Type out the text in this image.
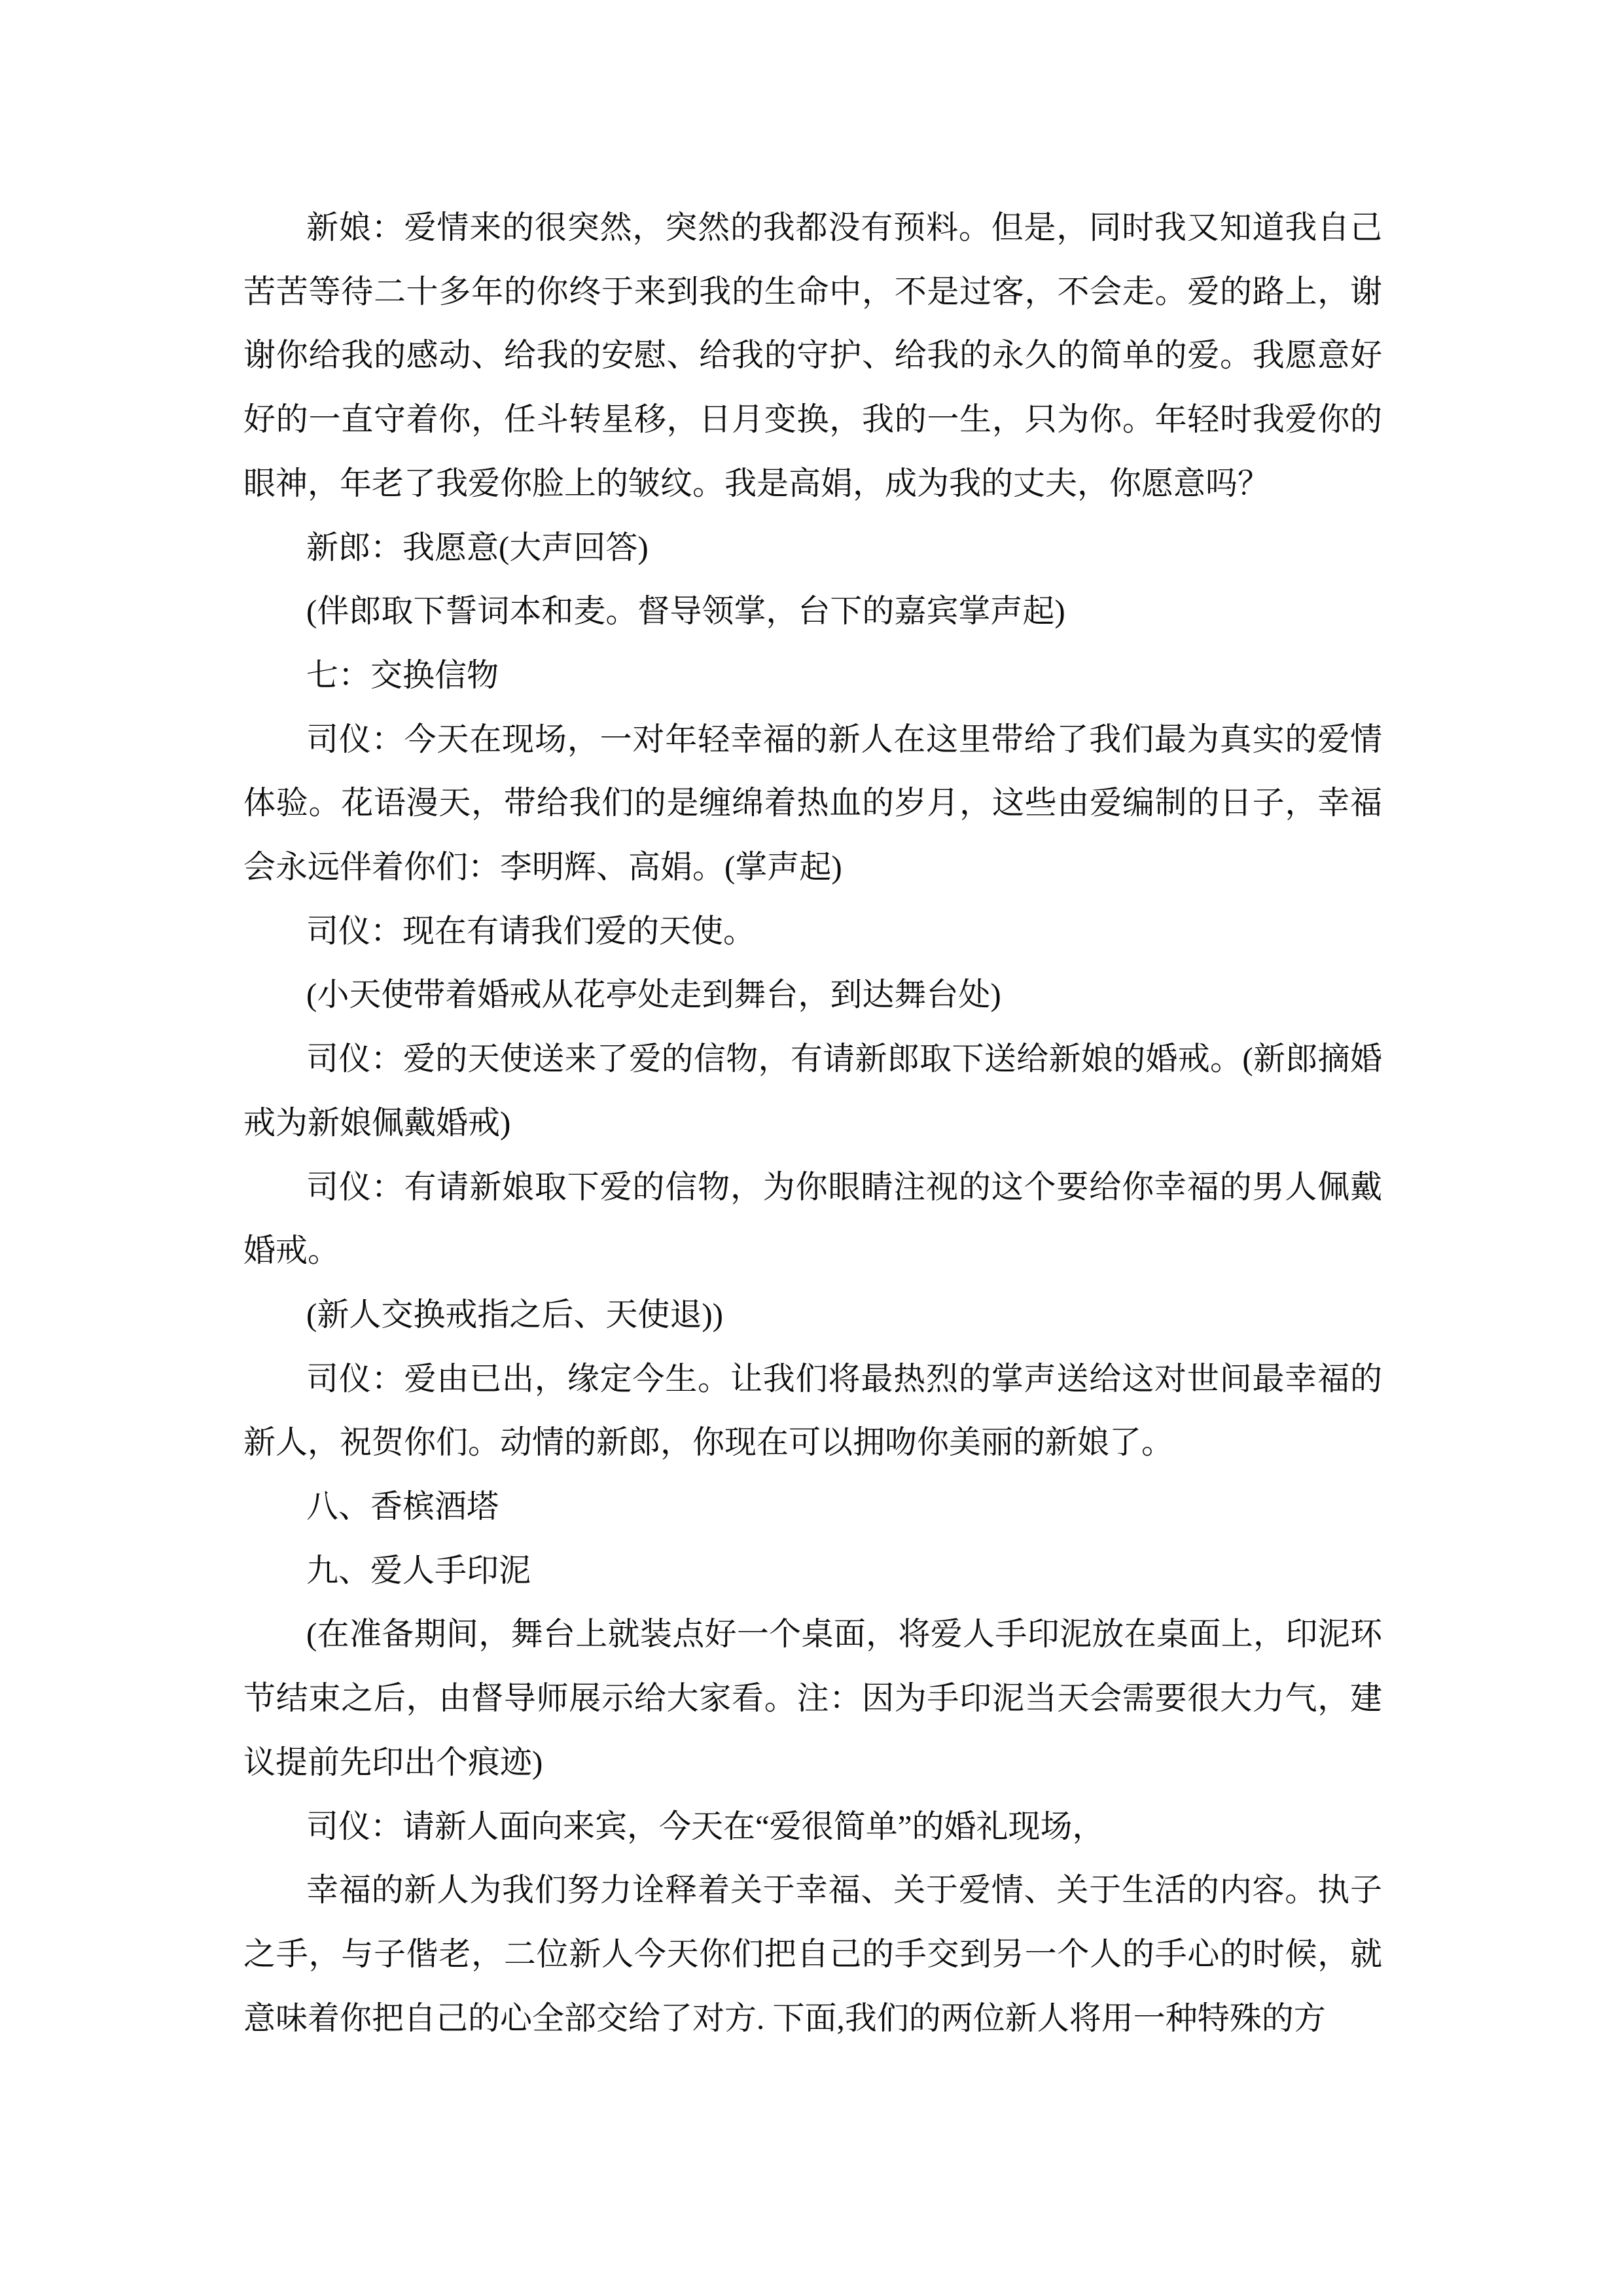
新娘：爱情来的很突然，突然的我都没有预料。但是，同时我又知道我自己苦苦等待二十多年的你终于来到我的生命中，不是过客，不会走。爱的路上，谢谢你给我的感动、给我的安慰、给我的守护、给我的永久的简单的爱。我愿意好好的一直守着你，任斗转星移，日月变换，我的一生，只为你。年轻时我爱你的眼神，年老了我爱你脸上的皱纹。我是高娟，成为我的丈夫，你愿意吗？

新郎：我愿意(大声回答)

(伴郎取下誓词本和麦。督导领掌，台下的嘉宾掌声起)

七：交换信物

司仪：今天在现场，一对年轻幸福的新人在这里带给了我们最为真实的爱情体验。花语漫天，带给我们的是缠绵着热血的岁月，这些由爱编制的日子，幸福会永远伴着你们：李明辉、高娟。(掌声起)

司仪：现在有请我们爱的天使。

(小天使带着婚戒从花亭处走到舞台，到达舞台处)

司仪：爱的天使送来了爱的信物，有请新郎取下送给新娘的婚戒。(新郎摘婚戒为新娘佩戴婚戒)

司仪：有请新娘取下爱的信物，为你眼睛注视的这个要给你幸福的男人佩戴婚戒。

(新人交换戒指之后、天使退))

司仪：爱由已出，缘定今生。让我们将最热烈的掌声送给这对世间最幸福的新人，祝贺你们。动情的新郎，你现在可以拥吻你美丽的新娘了。

八、香槟酒塔

九、爱人手印泥

(在准备期间，舞台上就装点好一个桌面，将爱人手印泥放在桌面上，印泥环节结束之后，由督导师展示给大家看。注：因为手印泥当天会需要很大力气，建议提前先印出个痕迹)

司仪：请新人面向来宾，今天在“爱很简单”的婚礼现场，

幸福的新人为我们努力诠释着关于幸福、关于爱情、关于生活的内容。执子之手，与子偕老，二位新人今天你们把自己的手交到另一个人的手心的时候，就意味着你把自己的心全部交给了对方. 下面,我们的两位新人将用一种特殊的方
